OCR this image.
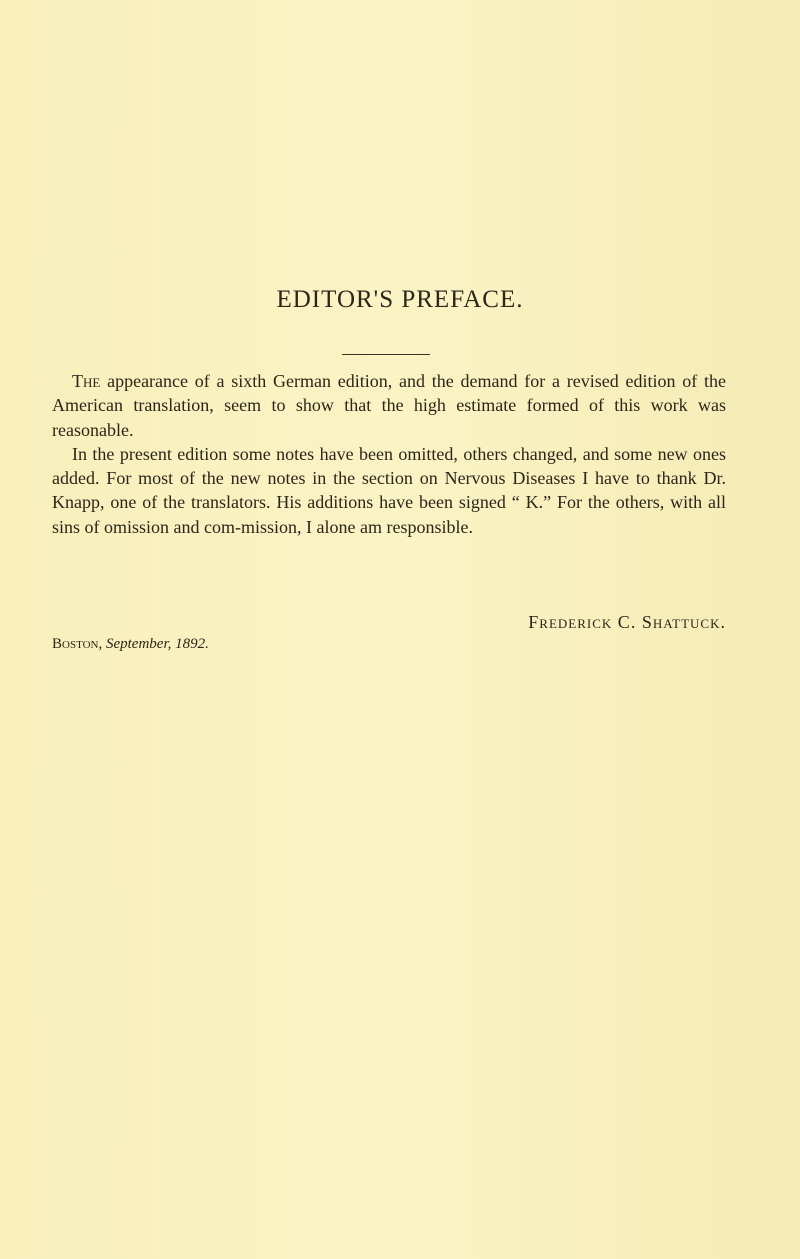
EDITOR'S PREFACE.

The appearance of a sixth German edition, and the demand for a revised edition of the American translation, seem to show that the high estimate formed of this work was reasonable.

In the present edition some notes have been omitted, others changed, and some new ones added. For most of the new notes in the section on Nervous Diseases I have to thank Dr. Knapp, one of the translators. His additions have been signed “ K.” For the others, with all sins of omission and com-mission, I alone am responsible.

Frederick C. Shattuck.
Boston, September, 1892.
